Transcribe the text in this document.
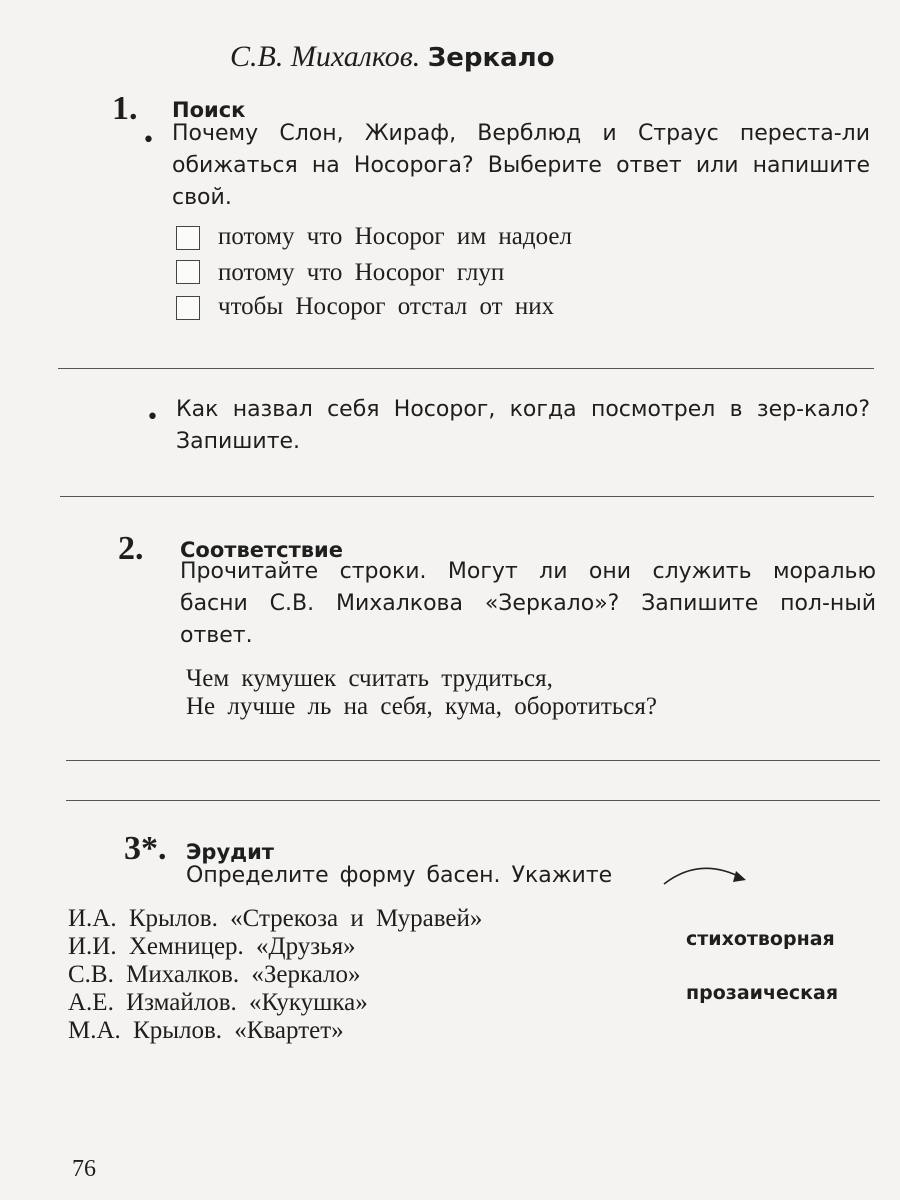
С.В. Михалков. Зеркало
1. Поиск
• Почему Слон, Жираф, Верблюд и Страус переста-ли обижаться на Носорога? Выберите ответ или напишите свой.
потому что Носорог им надоел
потому что Носорог глуп
чтобы Носорог отстал от них
• Как назвал себя Носорог, когда посмотрел в зер-кало? Запишите.
2. Соответствие
Прочитайте строки. Могут ли они служить моралью басни С.В. Михалкова «Зеркало»? Запишите пол-ный ответ.
Чем кумушек считать трудиться,
Не лучше ль на себя, кума, оборотиться?
3*. Эрудит
Определите форму басен. Укажите
И.А. Крылов. «Стрекоза и Муравей»
И.И. Хемницер. «Друзья»
С.В. Михалков. «Зеркало»
А.Е. Измайлов. «Кукушка»
М.А. Крылов. «Квартет»
стихотворная
прозаическая
76
